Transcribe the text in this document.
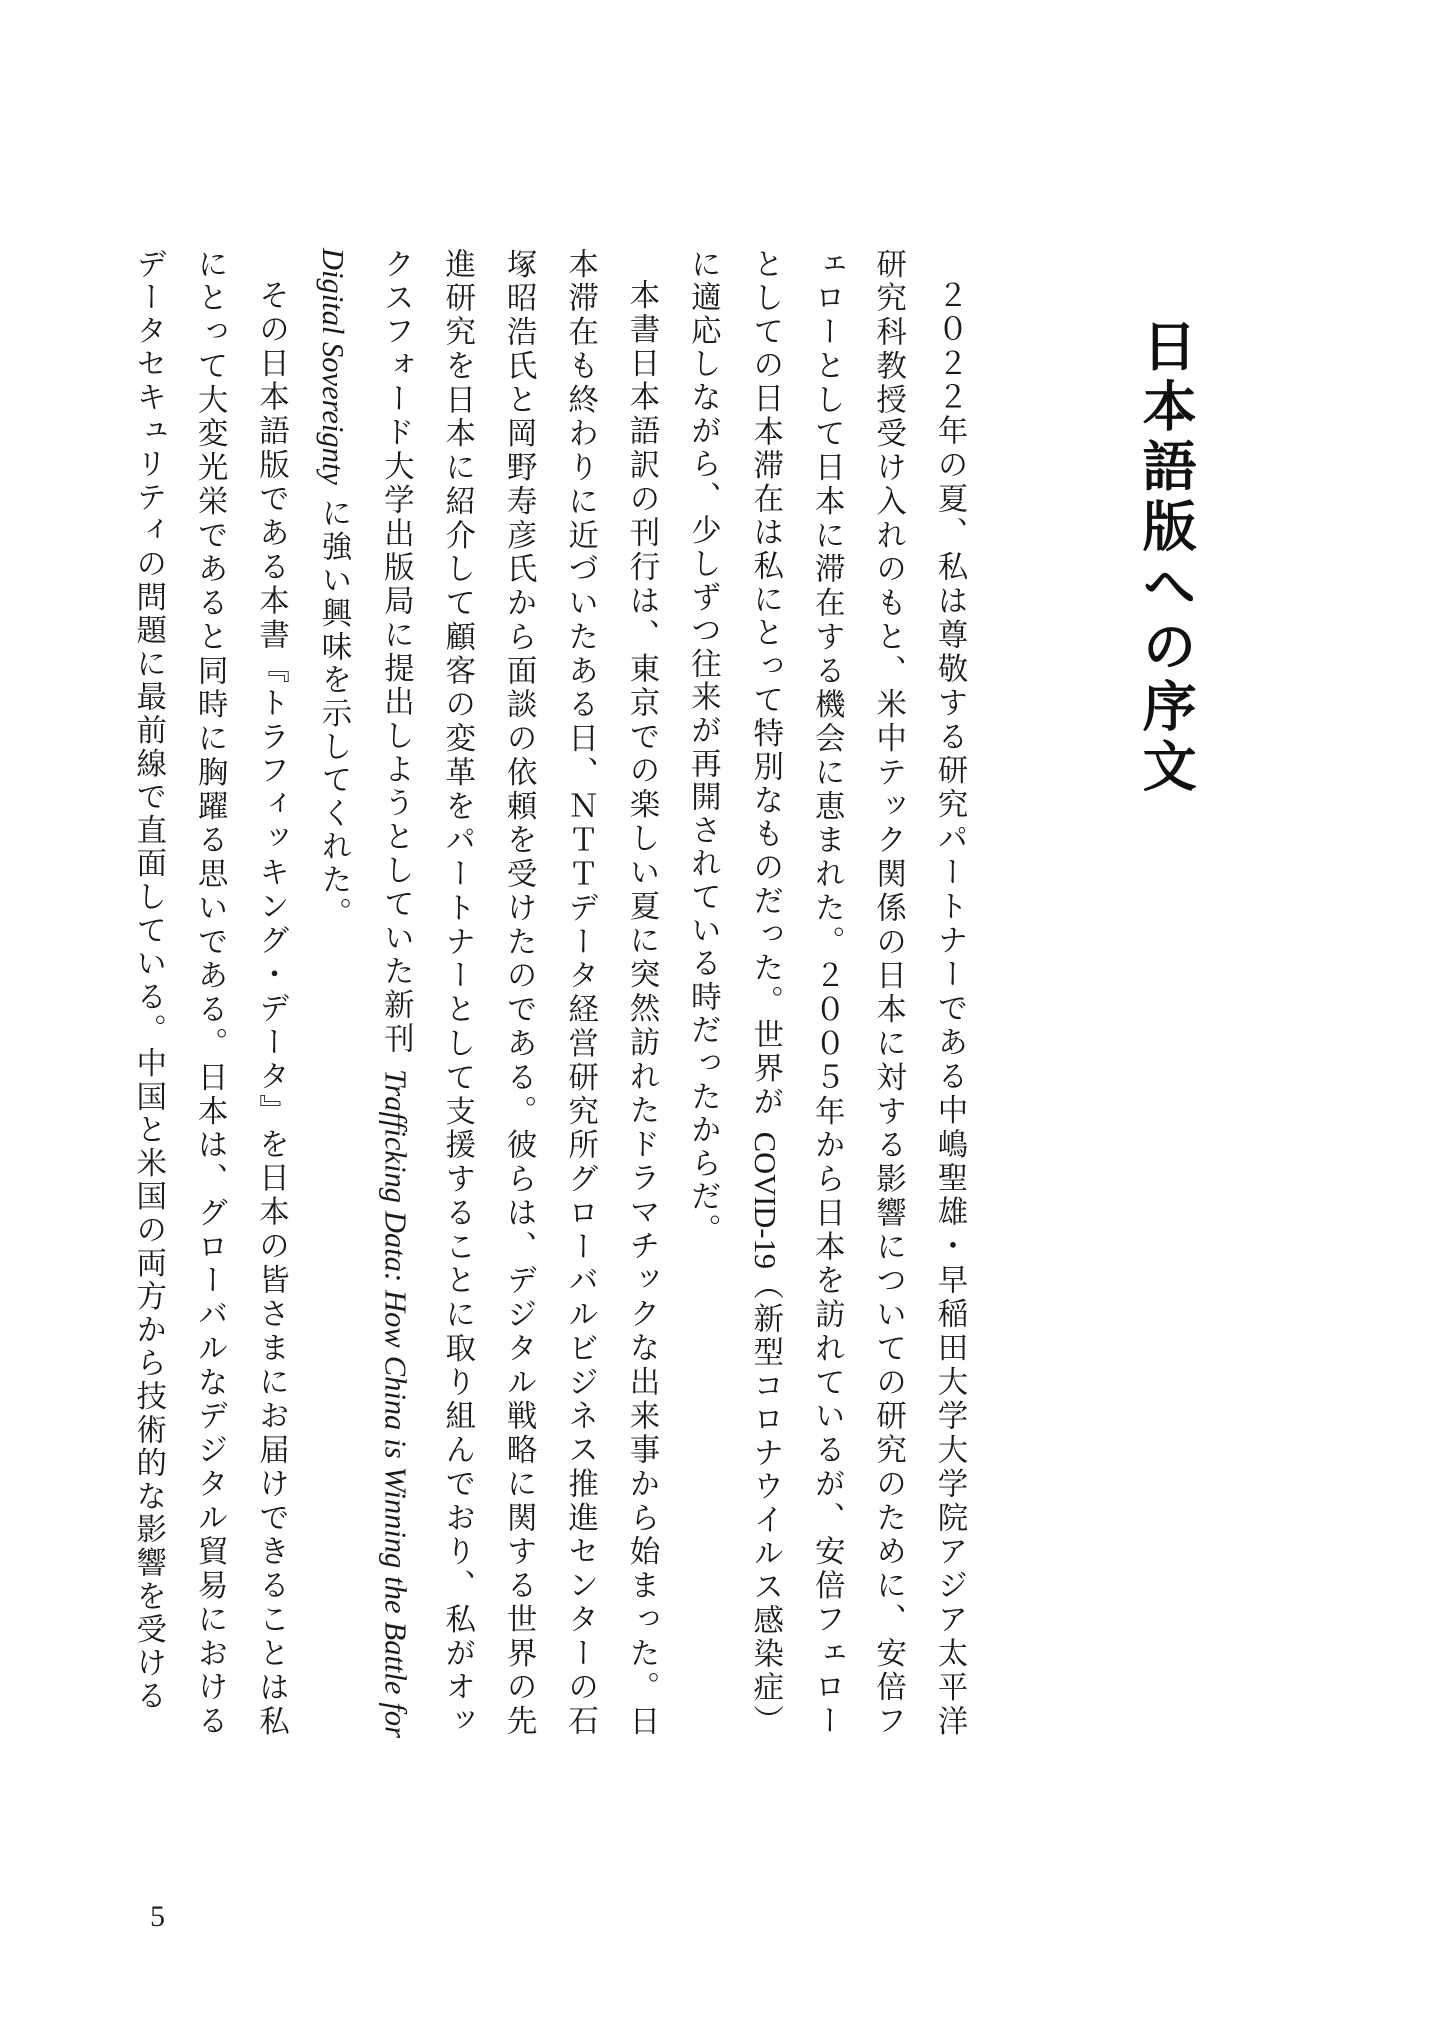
日本語版への序文

２０２２年の夏、私は尊敬する研究パートナーである中嶋聖雄・早稲田大学大学院アジア太平洋研究科教授受け入れのもと、米中テック関係の日本に対する影響についての研究のために、安倍フェローとして日本に滞在する機会に恵まれた。２００５年から日本を訪れているが、安倍フェローとしての日本滞在は私にとって特別なものだった。世界が COVID-19（新型コロナウイルス感染症）に適応しながら、少しずつ往来が再開されている時だったからだ。

本書日本語訳の刊行は、東京での楽しい夏に突然訪れたドラマチックな出来事から始まった。日本滞在も終わりに近づいたある日、ＮＴＴデータ経営研究所グローバルビジネス推進センターの石塚昭浩氏と岡野寿彦氏から面談の依頼を受けたのである。彼らは、デジタル戦略に関する世界の先進研究を日本に紹介して顧客の変革をパートナーとして支援することに取り組んでおり、私がオックスフォード大学出版局に提出しようとしていた新刊 Trafficking Data: How China is Winning the Battle for Digital Sovereignty に強い興味を示してくれた。

その日本語版である本書『トラフィッキング・データ』を日本の皆さまにお届けできることは私にとって大変光栄であると同時に胸躍る思いである。日本は、グローバルなデジタル貿易における データセキュリティの問題に最前線で直面している。中国と米国の両方から技術的な影響を受ける

5
